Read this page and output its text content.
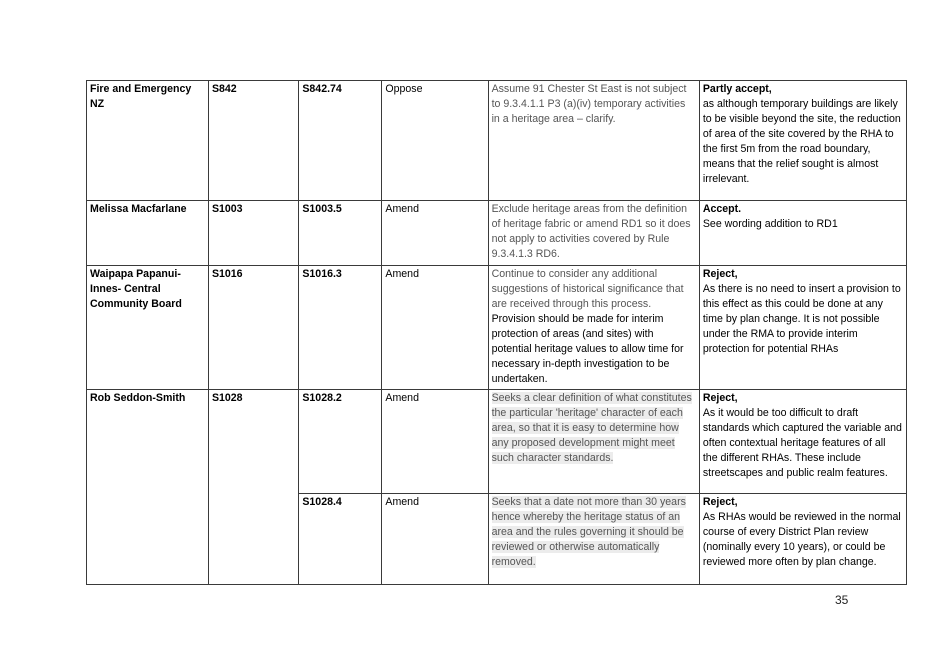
Fire and Emergency NZ	S842	S842.74	Oppose	Assume 91 Chester St East is not subject to 9.3.4.1.1 P3 (a)(iv) temporary activities in a heritage area – clarify.	Partly accept,
as although temporary buildings are likely to be visible beyond the site, the reduction of area of the site covered by the RHA to the first 5m from the road boundary, means that the relief sought is almost irrelevant.

Melissa Macfarlane	S1003	S1003.5	Amend	Exclude heritage areas from the definition of heritage fabric or amend RD1 so it does not apply to activities covered by Rule 9.3.4.1.3 RD6.	Accept.
See wording addition to RD1

Waipapa Papanui-Innes- Central Community Board	S1016	S1016.3	Amend	Continue to consider any additional suggestions of historical significance that are received through this process. Provision should be made for interim protection of areas (and sites) with potential heritage values to allow time for necessary in-depth investigation to be undertaken.	Reject,
As there is no need to insert a provision to this effect as this could be done at any time by plan change. It is not possible under the RMA to provide interim protection for potential RHAs

Rob Seddon-Smith	S1028	S1028.2	Amend	Seeks a clear definition of what constitutes the particular 'heritage' character of each area, so that it is easy to determine how any proposed development might meet such character standards.	Reject,
As it would be too difficult to draft standards which captured the variable and often contextual heritage features of all the different RHAs. These include streetscapes and public realm features.

		S1028.4	Amend	Seeks that a date not more than 30 years hence whereby the heritage status of an area and the rules governing it should be reviewed or otherwise automatically removed.	Reject,
As RHAs would be reviewed in the normal course of every District Plan review (nominally every 10 years), or could be reviewed more often by plan change.
35
